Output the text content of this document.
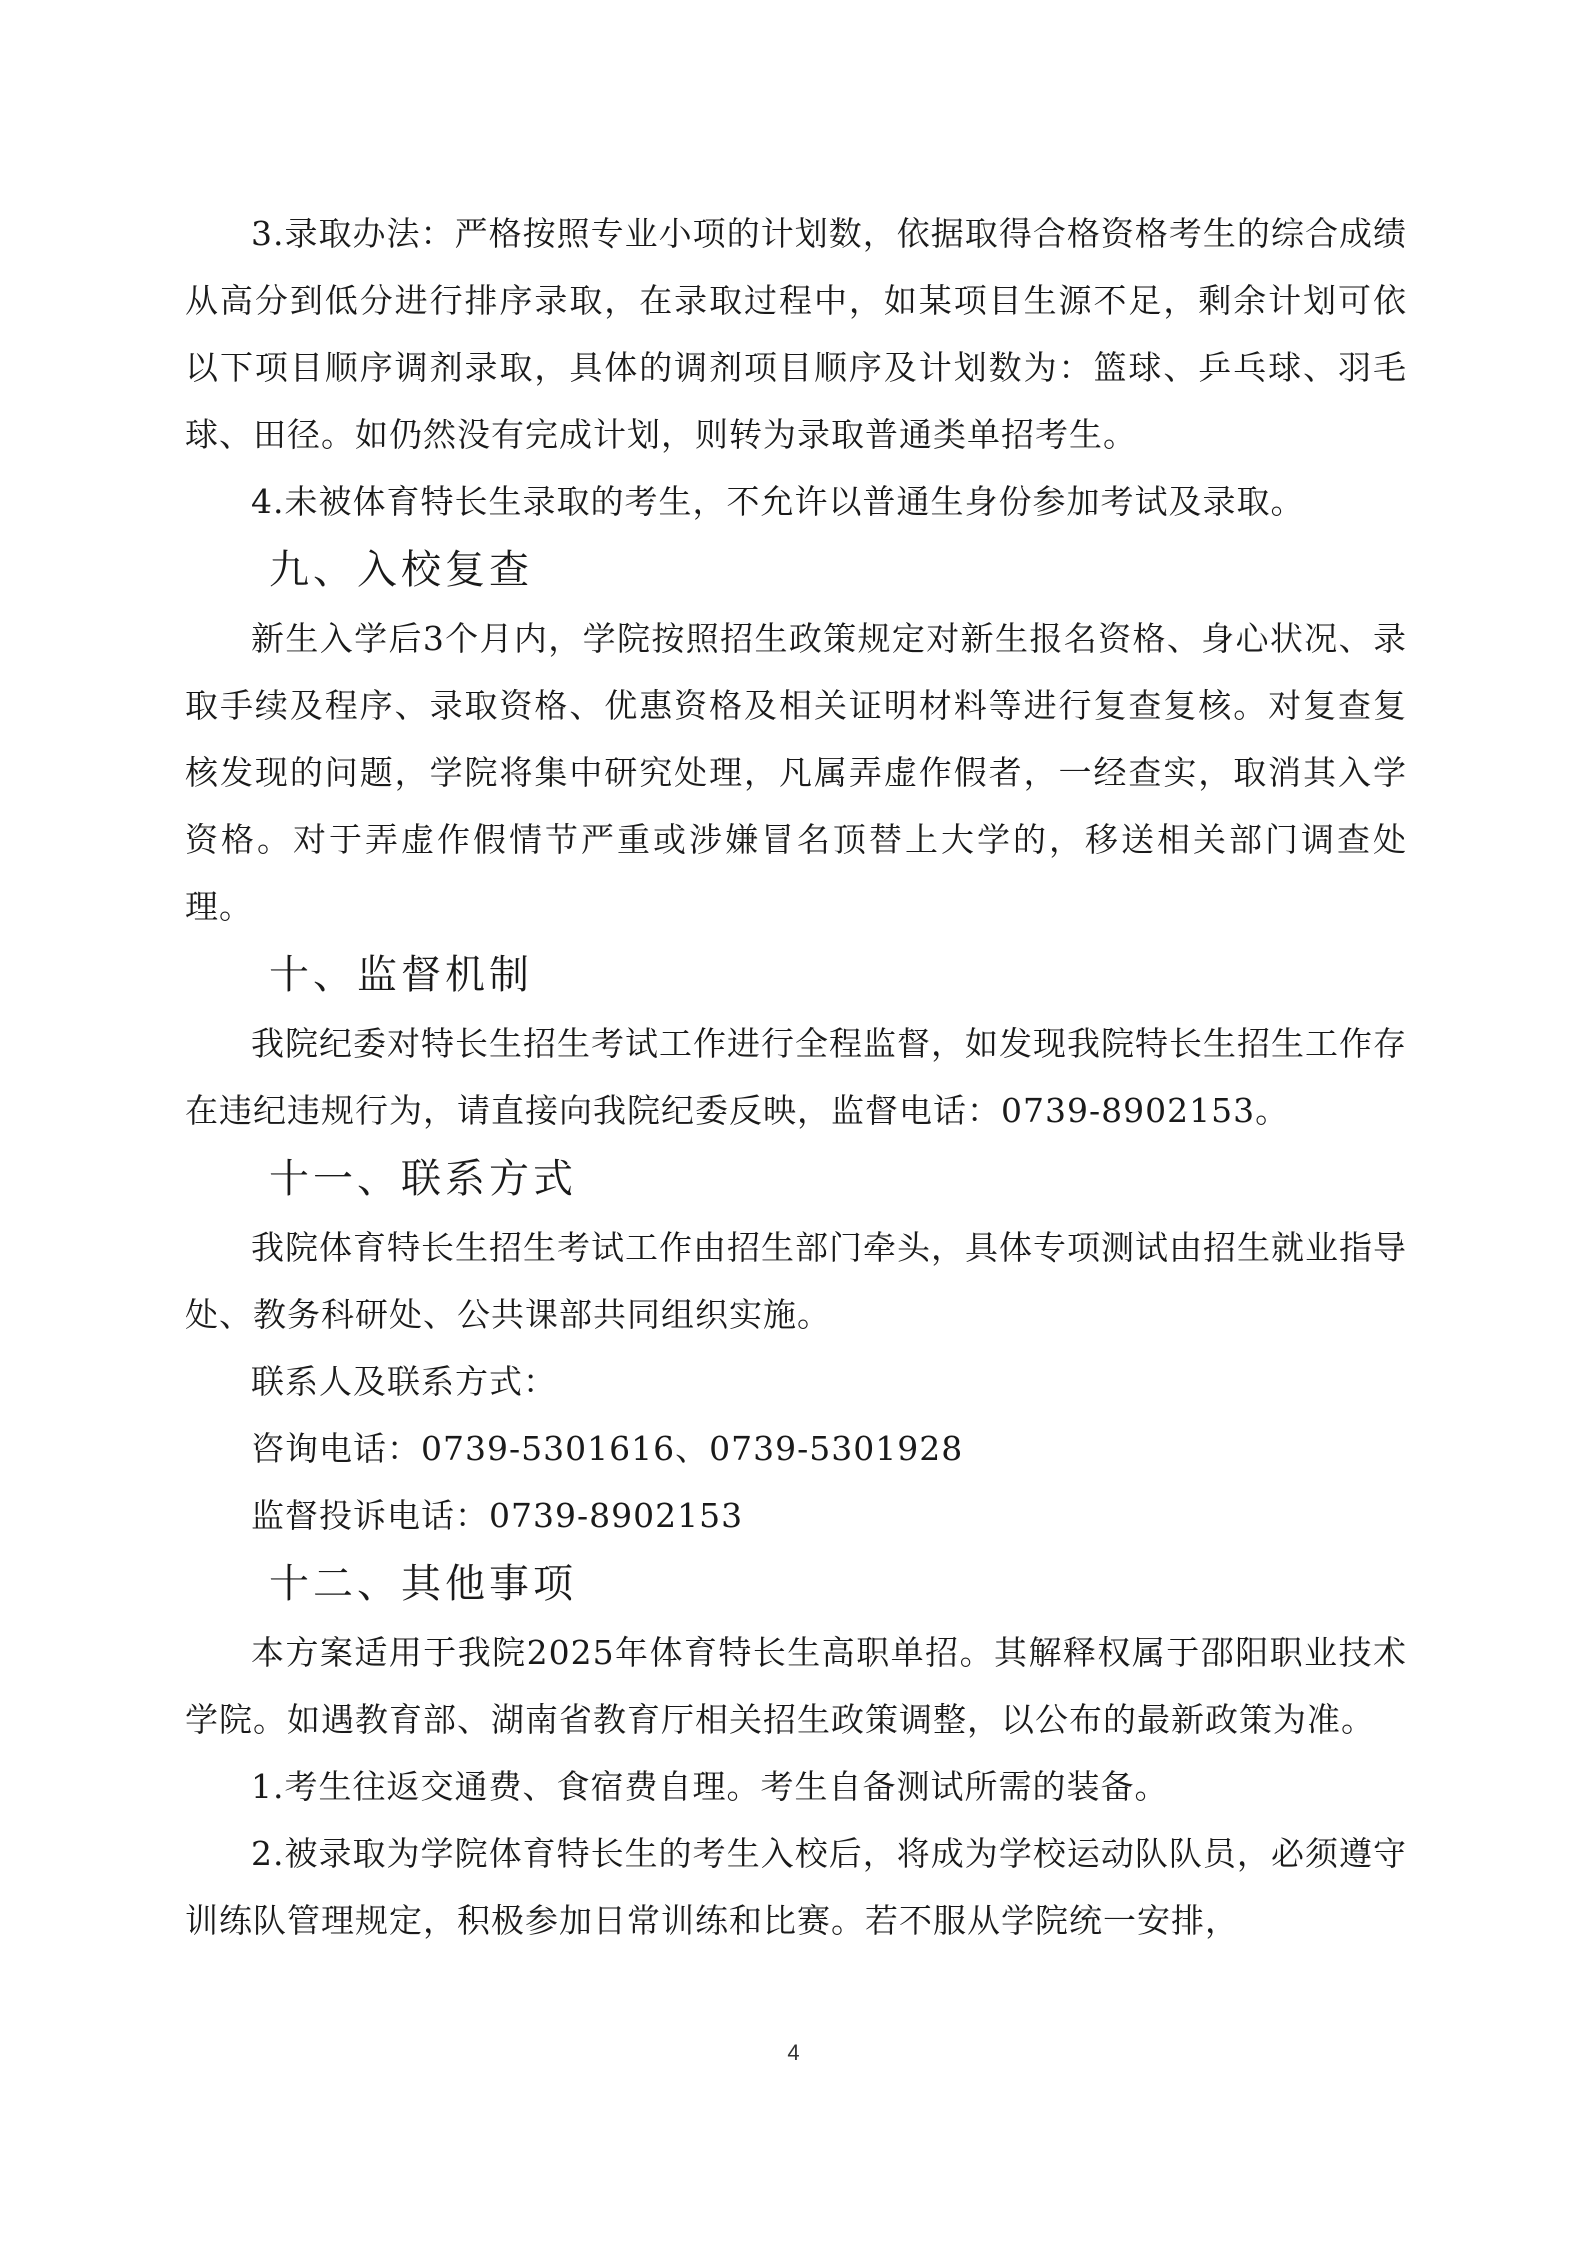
3.录取办法：严格按照专业小项的计划数，依据取得合格资格考生的综合成绩从高分到低分进行排序录取，在录取过程中，如某项目生源不足，剩余计划可依以下项目顺序调剂录取，具体的调剂项目顺序及计划数为：篮球、乒乓球、羽毛球、田径。如仍然没有完成计划，则转为录取普通类单招考生。

4.未被体育特长生录取的考生，不允许以普通生身份参加考试及录取。

九、入校复查

新生入学后3个月内，学院按照招生政策规定对新生报名资格、身心状况、录取手续及程序、录取资格、优惠资格及相关证明材料等进行复查复核。对复查复核发现的问题，学院将集中研究处理，凡属弄虚作假者，一经查实，取消其入学资格。对于弄虚作假情节严重或涉嫌冒名顶替上大学的，移送相关部门调查处理。

十、监督机制

我院纪委对特长生招生考试工作进行全程监督，如发现我院特长生招生工作存在违纪违规行为，请直接向我院纪委反映，监督电话：0739-8902153。

十一、联系方式

我院体育特长生招生考试工作由招生部门牵头，具体专项测试由招生就业指导处、教务科研处、公共课部共同组织实施。

联系人及联系方式：

咨询电话：0739-5301616、0739-5301928

监督投诉电话：0739-8902153

十二、其他事项

本方案适用于我院2025年体育特长生高职单招。其解释权属于邵阳职业技术学院。如遇教育部、湖南省教育厅相关招生政策调整，以公布的最新政策为准。

1.考生往返交通费、食宿费自理。考生自备测试所需的装备。

2.被录取为学院体育特长生的考生入校后，将成为学校运动队队员，必须遵守训练队管理规定，积极参加日常训练和比赛。若不服从学院统一安排，

4
